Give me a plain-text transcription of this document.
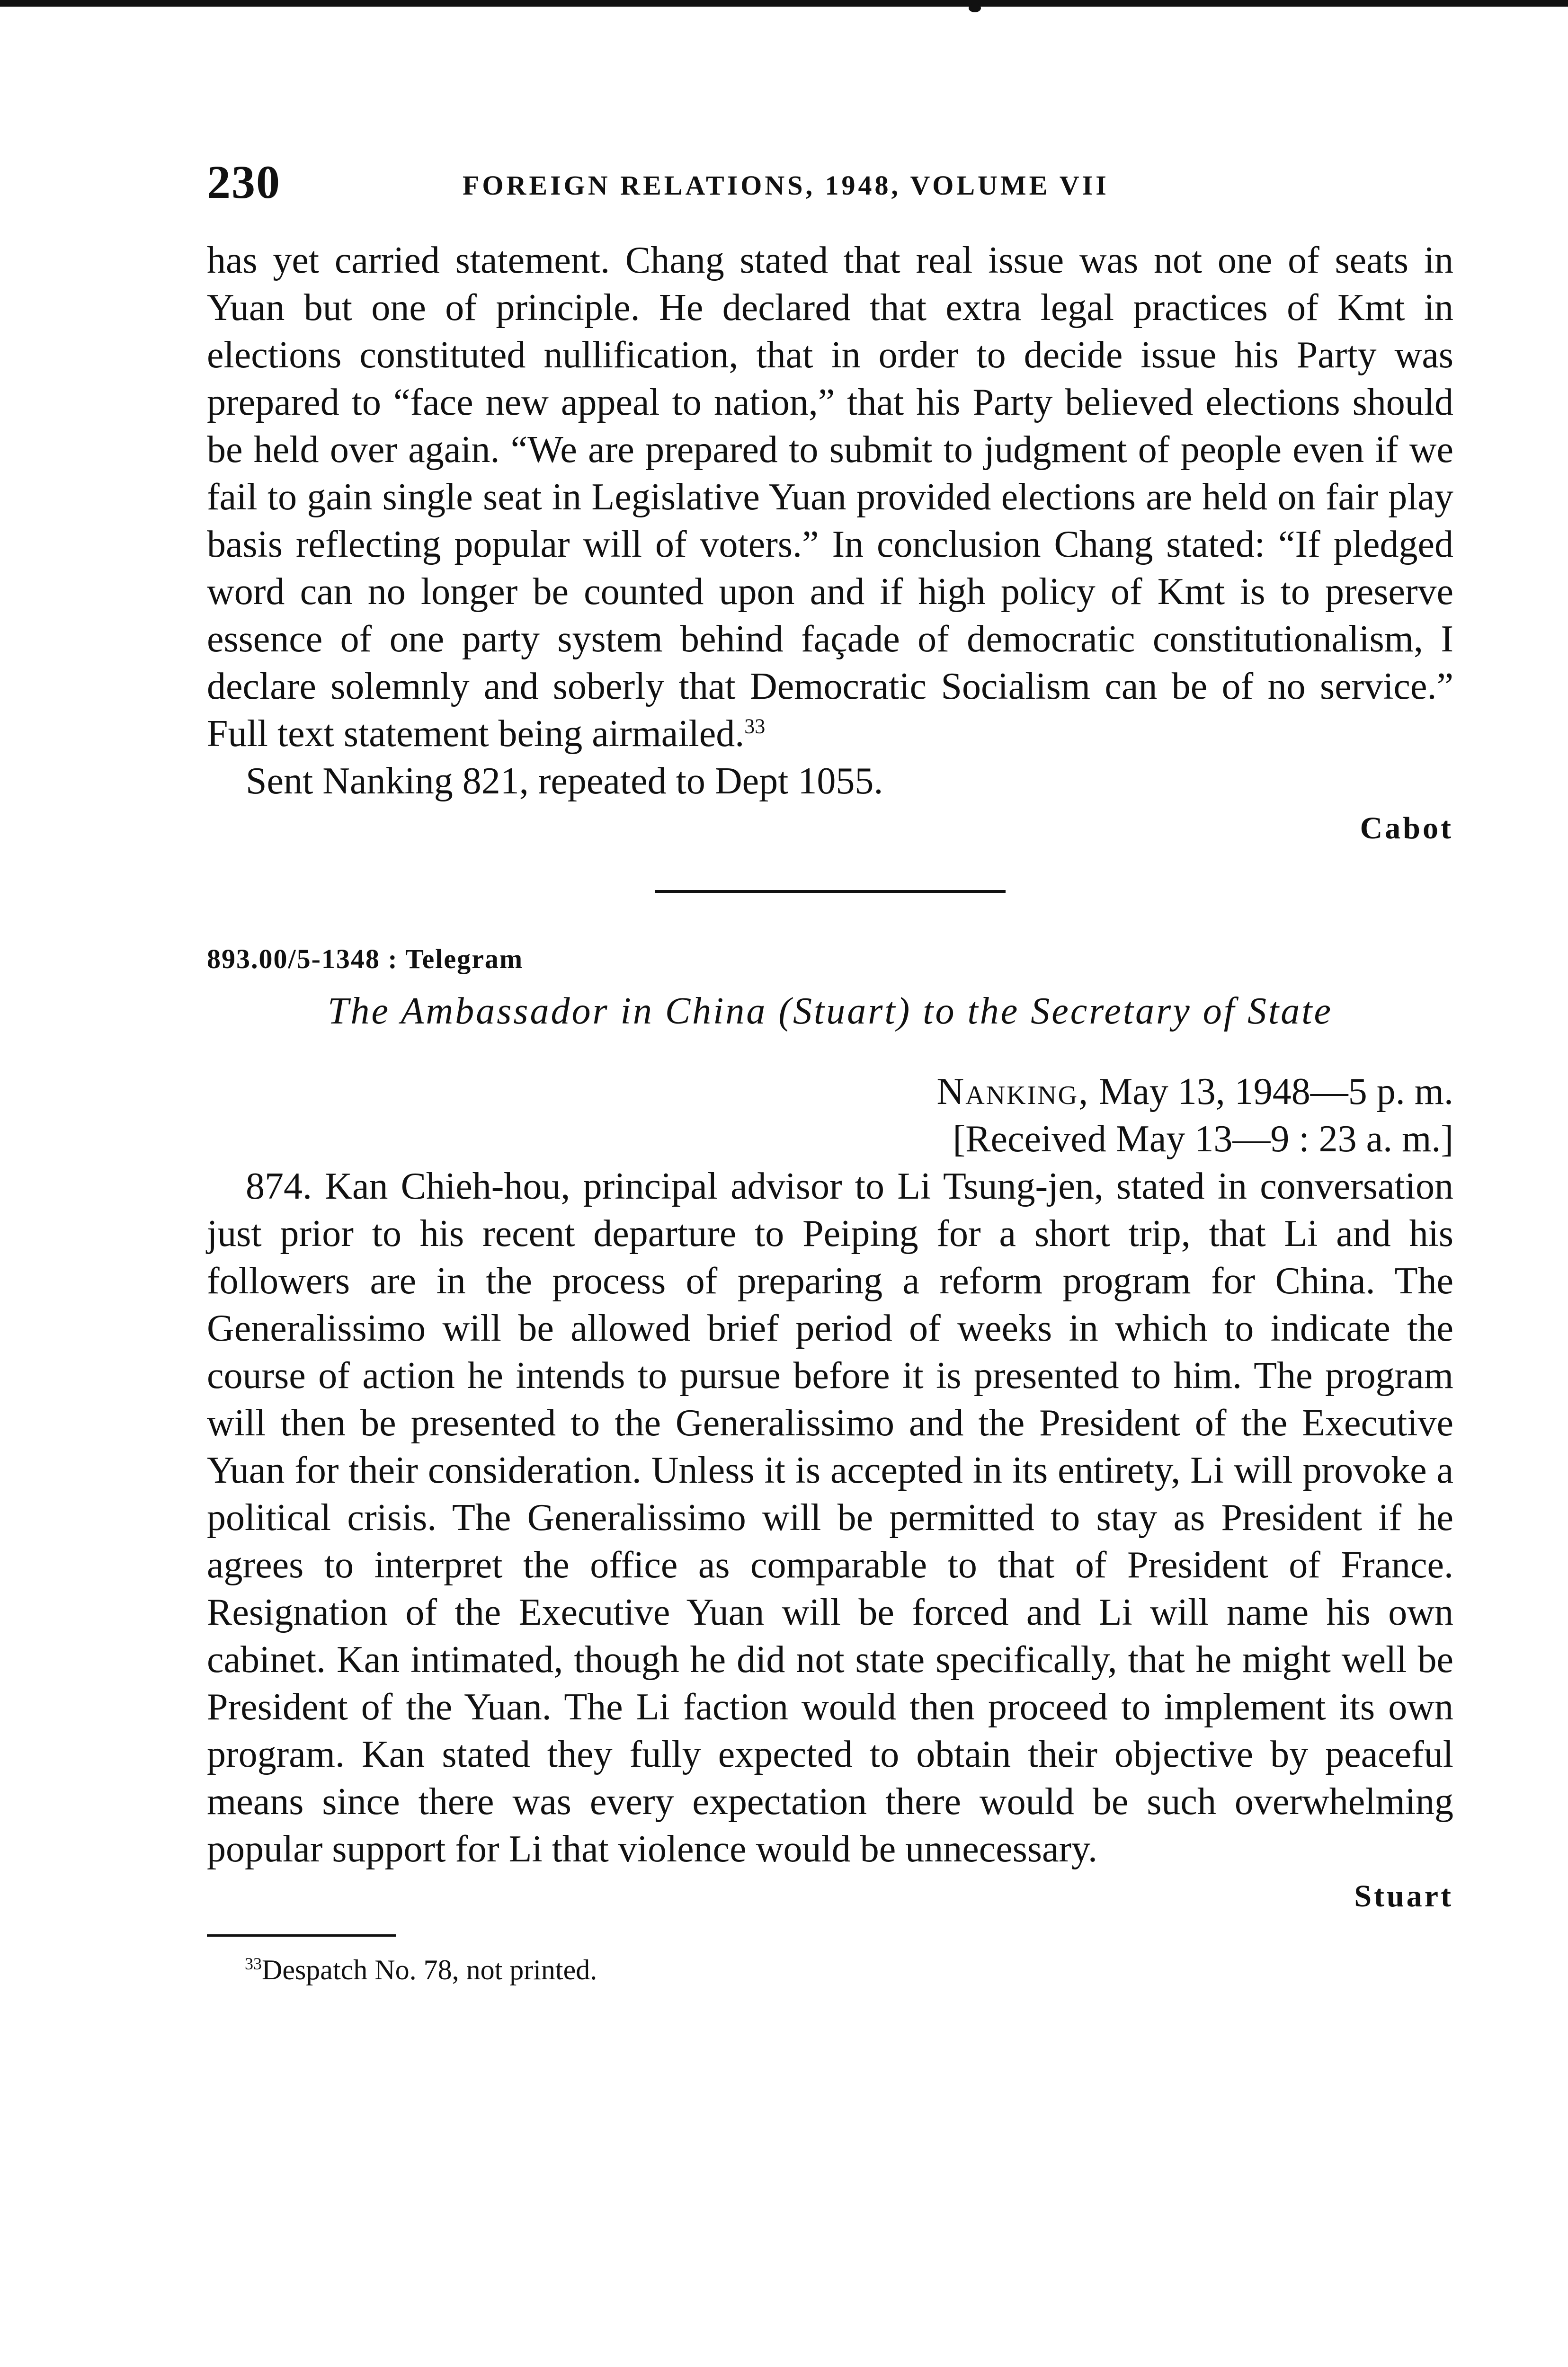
230	FOREIGN RELATIONS, 1948, VOLUME VII

has yet carried statement. Chang stated that real issue was not one of seats in Yuan but one of principle. He declared that extra legal practices of Kmt in elections constituted nullification, that in order to decide issue his Party was prepared to “face new appeal to nation,” that his Party believed elections should be held over again. “We are prepared to submit to judgment of people even if we fail to gain single seat in Legislative Yuan provided elections are held on fair play basis reflecting popular will of voters.” In conclusion Chang stated: “If pledged word can no longer be counted upon and if high policy of Kmt is to preserve essence of one party system behind façade of democratic constitutionalism, I declare solemnly and soberly that Democratic Socialism can be of no service.” Full text statement being airmailed.$^{33}$

Sent Nanking 821, repeated to Dept 1055.

Cabot

893.00/5-1348 : Telegram

The Ambassador in China (Stuart) to the Secretary of State

Nanking, May 13, 1948—5 p. m.

[Received May 13—9 : 23 a. m.]

874. Kan Chieh-hou, principal advisor to Li Tsung-jen, stated in conversation just prior to his recent departure to Peiping for a short trip, that Li and his followers are in the process of preparing a reform program for China. The Generalissimo will be allowed brief period of weeks in which to indicate the course of action he intends to pursue before it is presented to him. The program will then be presented to the Generalissimo and the President of the Executive Yuan for their consideration. Unless it is accepted in its entirety, Li will provoke a political crisis. The Generalissimo will be permitted to stay as President if he agrees to interpret the office as comparable to that of President of France. Resignation of the Executive Yuan will be forced and Li will name his own cabinet. Kan intimated, though he did not state specifically, that he might well be President of the Yuan. The Li faction would then proceed to implement its own program. Kan stated they fully expected to obtain their objective by peaceful means since there was every expectation there would be such overwhelming popular support for Li that violence would be unnecessary.

Stuart

$^{33}$Despatch No. 78, not printed.
